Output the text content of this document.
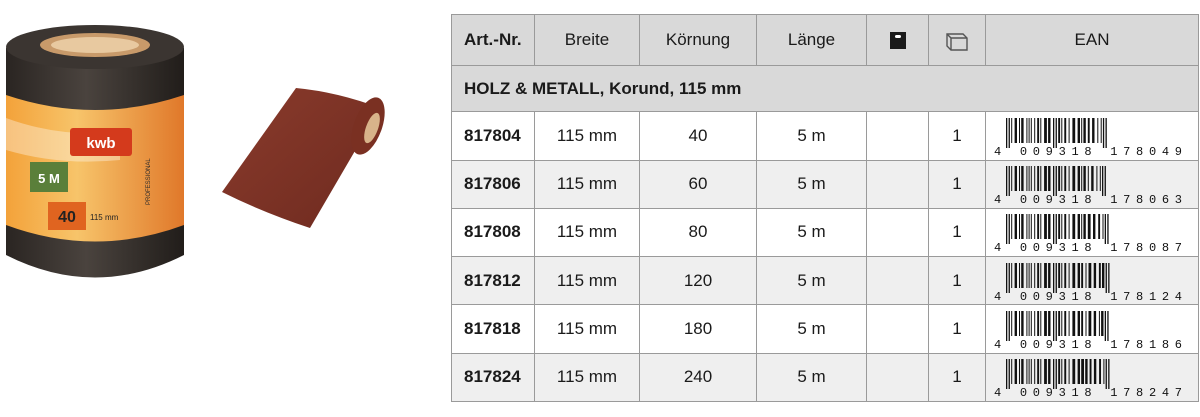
kwb
5 M
40 115 mm
PROFESSIONAL
Art.-Nr.	Breite	Körnung	Länge			EAN
HOLZ & METALL, Korund, 115 mm						
817804	115 mm	40	5 m		1	4 009318 178049

817806	115 mm	60	5 m		1	4 009318 178063

817808	115 mm	80	5 m		1	4 009318 178087

817812	115 mm	120	5 m		1	4 009318 178124

817818	115 mm	180	5 m		1	4 009318 178186

817824	115 mm	240	5 m		1	4 009318 178247
